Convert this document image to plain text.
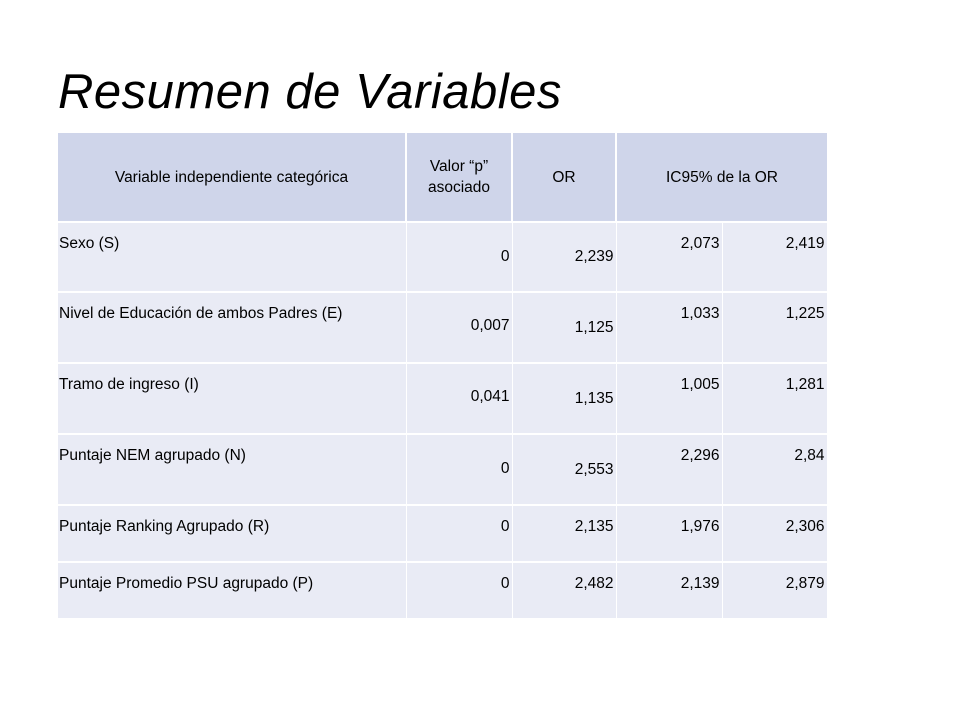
Resumen de Variables
Variable independiente categórica	Valor “p” asociado	OR	IC95% de la OR	
Sexo (S)	0	2,239	2,073	2,419
Nivel de Educación de ambos Padres (E)	0,007	1,125	1,033	1,225
Tramo de ingreso (I)	0,041	1,135	1,005	1,281
Puntaje NEM agrupado (N)	0	2,553	2,296	2,84
Puntaje Ranking Agrupado (R)	0	2,135	1,976	2,306
Puntaje Promedio PSU agrupado (P)	0	2,482	2,139	2,879
